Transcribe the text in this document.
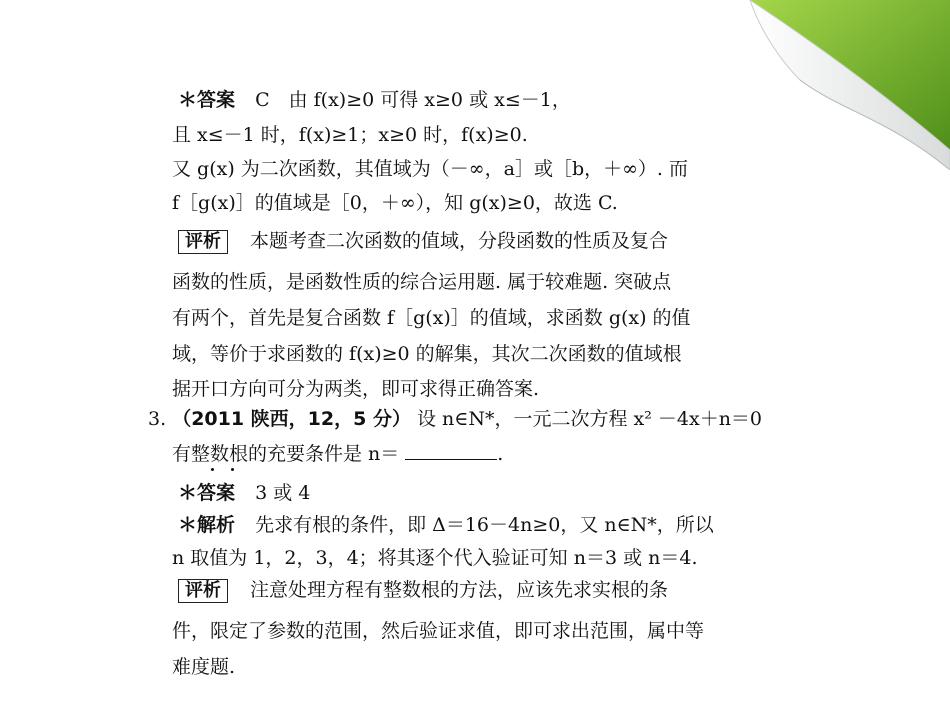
＊答案 C　由 f(x)≥0 可得 x≥0 或 x≤－1，
且 x≤－1 时，f(x)≥1；x≥0 时，f(x)≥0.
又 g(x) 为二次函数，其值域为（－∞，a］或［b，＋∞）. 而
f［g(x)］的值域是［0，＋∞），知 g(x)≥0，故选 C.
评析 本题考查二次函数的值域，分段函数的性质及复合
函数的性质，是函数性质的综合运用题. 属于较难题. 突破点
有两个，首先是复合函数 f［g(x)］的值域，求函数 g(x) 的值
域，等价于求函数的 f(x)≥0 的解集，其次二次函数的值域根
据开口方向可分为两类，即可求得正确答案.
3. （2011 陕西，12，5 分） 设 n∈N*，一元二次方程 x² －4x＋n＝0
有整数根的充要条件是 n＝	.
＊答案 3 或 4
＊解析 先求有根的条件，即 Δ＝16－4n≥0，又 n∈N*，所以
n 取值为 1，2，3，4；将其逐个代入验证可知 n＝3 或 n＝4.
评析 注意处理方程有整数根的方法，应该先求实根的条
件，限定了参数的范围，然后验证求值，即可求出范围，属中等
难度题.
